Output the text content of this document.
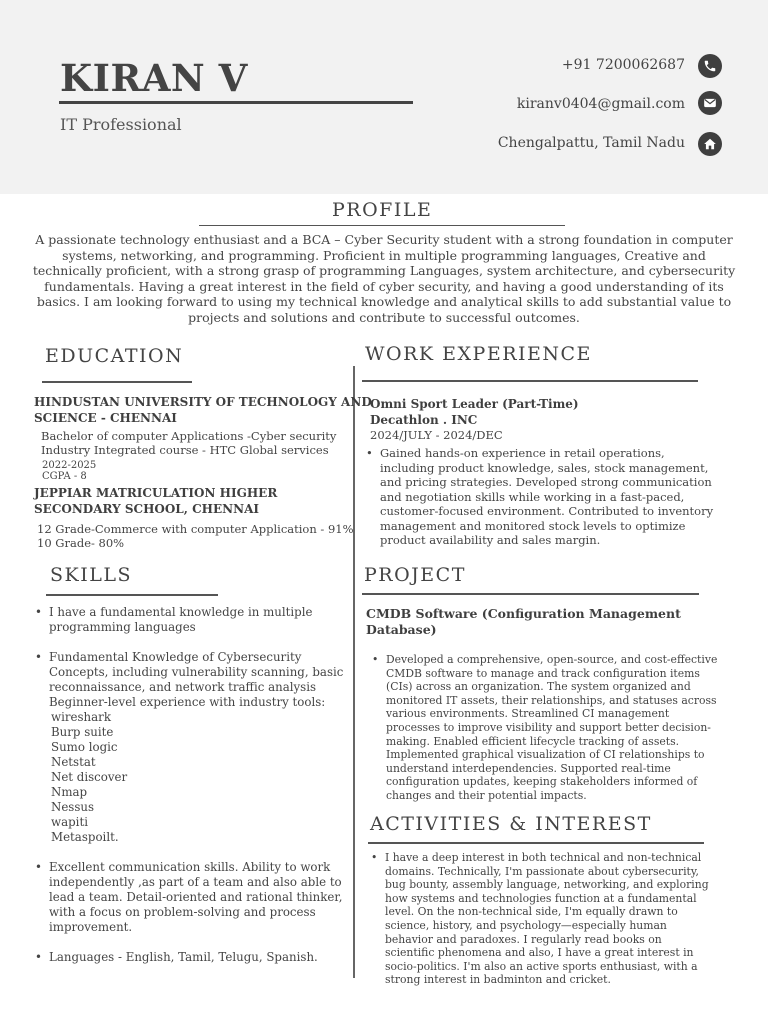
KIRAN V
IT Professional
+91 7200062687
kiranv0404@gmail.com
Chengalpattu, Tamil Nadu
PROFILE
A passionate technology enthusiast and a BCA – Cyber Security student with a strong foundation in computer systems, networking, and programming. Proficient in multiple programming languages, Creative and technically proficient, with a strong grasp of programming Languages, system architecture, and cybersecurity fundamentals. Having a great interest in the field of cyber security, and having a good understanding of its basics. I am looking forward to using my technical knowledge and analytical skills to add substantial value to projects and solutions and contribute to successful outcomes.
EDUCATION
HINDUSTAN UNIVERSITY OF TECHNOLOGY AND
SCIENCE - CHENNAI
Bachelor of computer Applications -Cyber security
Industry Integrated course - HTC Global services
2022-2025
CGPA - 8
JEPPIAR MATRICULATION HIGHER
SECONDARY SCHOOL, CHENNAI
12 Grade-Commerce with computer Application - 91%
10 Grade- 80%
SKILLS
• I have a fundamental knowledge in multiple programming languages
• Fundamental Knowledge of Cybersecurity Concepts, including vulnerability scanning, basic reconnaissance, and network traffic analysis
Beginner-level experience with industry tools:
wireshark
Burp suite
Sumo logic
Netstat
Net discover
Nmap
Nessus
wapiti
Metaspoilt.
• Excellent communication skills. Ability to work independently ,as part of a team and also able to lead a team. Detail-oriented and rational thinker, with a focus on problem-solving and process improvement.
• Languages - English, Tamil, Telugu, Spanish.
WORK EXPERIENCE
Omni Sport Leader (Part-Time)
Decathlon . INC
2024/JULY - 2024/DEC
• Gained hands-on experience in retail operations, including product knowledge, sales, stock management, and pricing strategies. Developed strong communication and negotiation skills while working in a fast-paced, customer-focused environment. Contributed to inventory management and monitored stock levels to optimize product availability and sales margin.
PROJECT
CMDB Software (Configuration Management Database)
• Developed a comprehensive, open-source, and cost-effective CMDB software to manage and track configuration items (CIs) across an organization. The system organized and monitored IT assets, their relationships, and statuses across various environments. Streamlined CI management processes to improve visibility and support better decision-making. Enabled efficient lifecycle tracking of assets. Implemented graphical visualization of CI relationships to understand interdependencies. Supported real-time configuration updates, keeping stakeholders informed of changes and their potential impacts.
ACTIVITIES & INTEREST
• I have a deep interest in both technical and non-technical domains. Technically, I'm passionate about cybersecurity, bug bounty, assembly language, networking, and exploring how systems and technologies function at a fundamental level. On the non-technical side, I'm equally drawn to science, history, and psychology—especially human behavior and paradoxes. I regularly read books on scientific phenomena and also, I have a great interest in socio-politics. I'm also an active sports enthusiast, with a strong interest in badminton and cricket.
